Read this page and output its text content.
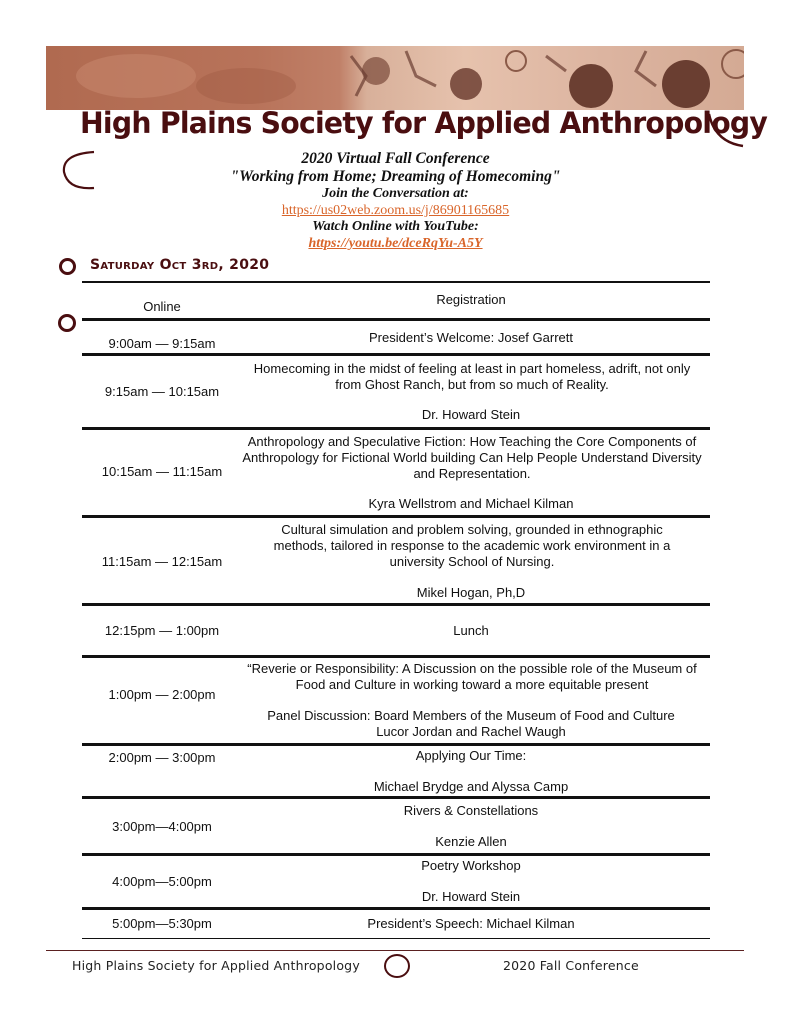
High Plains Society for Applied Anthropology
2020 Virtual Fall Conference
"Working from Home; Dreaming of Homecoming"
Join the Conversation at:
https://us02web.zoom.us/j/86901165685
Watch Online with YouTube:
https://youtu.be/dceRqYu-A5Y
Saturday Oct 3rd, 2020
Online	Registration
9:00am — 9:15am	President’s Welcome: Josef Garrett
9:15am — 10:15am
Homecoming in the midst of feeling at least in part homeless, adrift, not only from Ghost Ranch, but from so much of Reality.
Dr. Howard Stein
10:15am — 11:15am
Anthropology and Speculative Fiction: How Teaching the Core Components of Anthropology for Fictional World building Can Help People Understand Diversity and Representation.
Kyra Wellstrom and Michael Kilman
11:15am — 12:15am
Cultural simulation and problem solving, grounded in ethnographic methods, tailored in response to the academic work environment in a university School of Nursing.
Mikel Hogan, Ph,D
12:15pm — 1:00pm	Lunch
1:00pm — 2:00pm
“Reverie or Responsibility: A Discussion on the possible role of the Museum of Food and Culture in working toward a more equitable present
Panel Discussion: Board Members of the Museum of Food and Culture
Lucor Jordan and Rachel Waugh
2:00pm — 3:00pm	Applying Our Time:
Michael Brydge and Alyssa Camp
3:00pm—4:00pm
Rivers & Constellations
Kenzie Allen
4:00pm—5:00pm
Poetry Workshop
Dr. Howard Stein
5:00pm—5:30pm	President’s Speech: Michael Kilman
High Plains Society for Applied Anthropology	2020 Fall Conference
